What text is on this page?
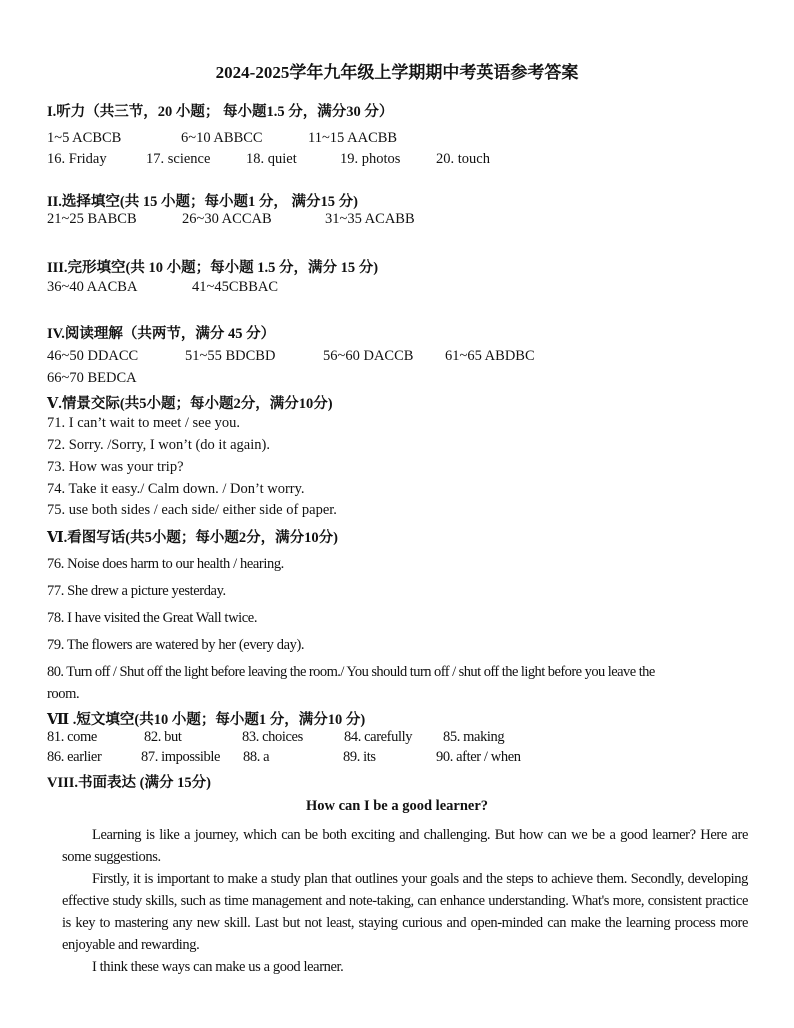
2024-2025学年九年级上学期期中考英语参考答案
I.听力（共三节，20 小题； 每小题1.5 分，满分30 分）
1~5 ACBCB	6~10 ABBCC	11~15 AACBB
16. Friday	17. science 18. quiet	19. photos 20. touch
II.选择填空(共 15 小题；每小题1 分， 满分15 分)
21~25 BABCB	26~30 ACCAB	31~35 ACABB
III.完形填空(共 10 小题；每小题 1.5 分，满分 15 分)
36~40 AACBA	41~45CBBAC
IV.阅读理解（共两节，满分 45 分）
46~50 DDACC	51~55 BDCBD	56~60 DACCB 61~65 ABDBC
66~70 BEDCA
Ⅴ.情景交际(共5小题；每小题2分，满分10分)
71. I can’t wait to meet / see you.
72. Sorry. /Sorry, I won’t (do it again).
73. How was your trip?
74. Take it easy./ Calm down. / Don’t worry.
75. use both sides / each side/ either side of paper.
Ⅵ.看图写话(共5小题；每小题2分，满分10分)
76. Noise does harm to our health / hearing.
77. She drew a picture yesterday.
78. I have visited the Great Wall twice.
79. The flowers are watered by her (every day).
80. Turn off / Shut off the light before leaving the room./ You should turn off / shut off the light before you leave the
room.
Ⅶ .短文填空(共10 小题；每小题1 分，满分10 分)
81. come	82. but	83. choices	84. carefully 85. making
86. earlier	87. impossible 88. a	89. its	90. after / when
VIII.书面表达 (满分 15分)
How can I be a good learner?
Learning is like a journey, which can be both exciting and challenging. But how can we be a good learner? Here are some suggestions.
Firstly, it is important to make a study plan that outlines your goals and the steps to achieve them. Secondly, developing effective study skills, such as time management and note-taking, can enhance understanding. What's more, consistent practice is key to mastering any new skill. Last but not least, staying curious and open-minded can make the learning process more enjoyable and rewarding.
I think these ways can make us a good learner.
